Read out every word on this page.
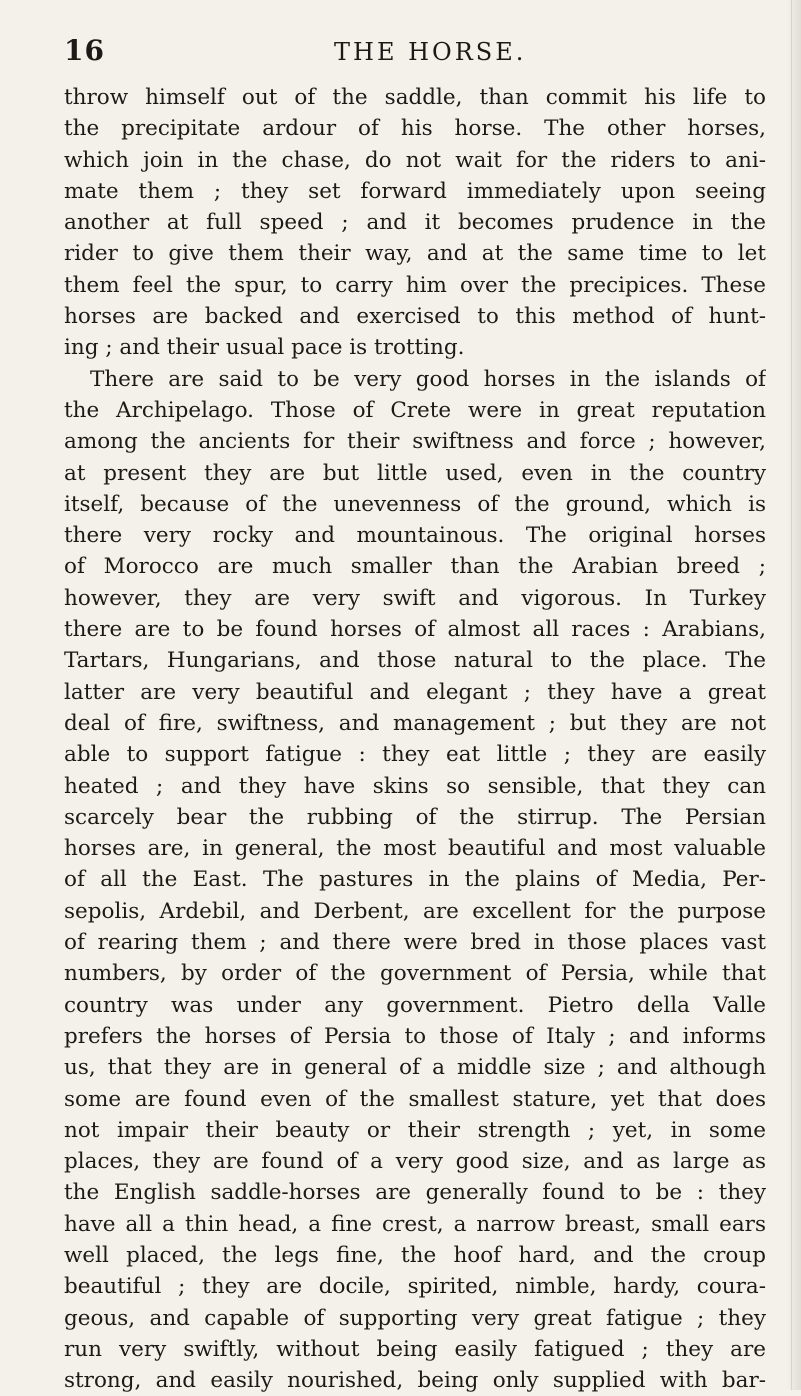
16	THE HORSE.
throw himself out of the saddle, than commit his life to
the precipitate ardour of his horse. The other horses,
which join in the chase, do not wait for the riders to ani-
mate them ; they set forward immediately upon seeing
another at full speed ; and it becomes prudence in the
rider to give them their way, and at the same time to let
them feel the spur, to carry him over the precipices. These
horses are backed and exercised to this method of hunt-
ing ; and their usual pace is trotting.
There are said to be very good horses in the islands of
the Archipelago. Those of Crete were in great reputation
among the ancients for their swiftness and force ; however,
at present they are but little used, even in the country
itself, because of the unevenness of the ground, which is
there very rocky and mountainous. The original horses
of Morocco are much smaller than the Arabian breed ;
however, they are very swift and vigorous. In Turkey
there are to be found horses of almost all races : Arabians,
Tartars, Hungarians, and those natural to the place. The
latter are very beautiful and elegant ; they have a great
deal of fire, swiftness, and management ; but they are not
able to support fatigue : they eat little ; they are easily
heated ; and they have skins so sensible, that they can
scarcely bear the rubbing of the stirrup. The Persian
horses are, in general, the most beautiful and most valuable
of all the East. The pastures in the plains of Media, Per-
sepolis, Ardebil, and Derbent, are excellent for the purpose
of rearing them ; and there were bred in those places vast
numbers, by order of the government of Persia, while that
country was under any government. Pietro della Valle
prefers the horses of Persia to those of Italy ; and informs
us, that they are in general of a middle size ; and although
some are found even of the smallest stature, yet that does
not impair their beauty or their strength ; yet, in some
places, they are found of a very good size, and as large as
the English saddle-horses are generally found to be : they
have all a thin head, a fine crest, a narrow breast, small ears
well placed, the legs fine, the hoof hard, and the croup
beautiful ; they are docile, spirited, nimble, hardy, coura-
geous, and capable of supporting very great fatigue ; they
run very swiftly, without being easily fatigued ; they are
strong, and easily nourished, being only supplied with bar-
